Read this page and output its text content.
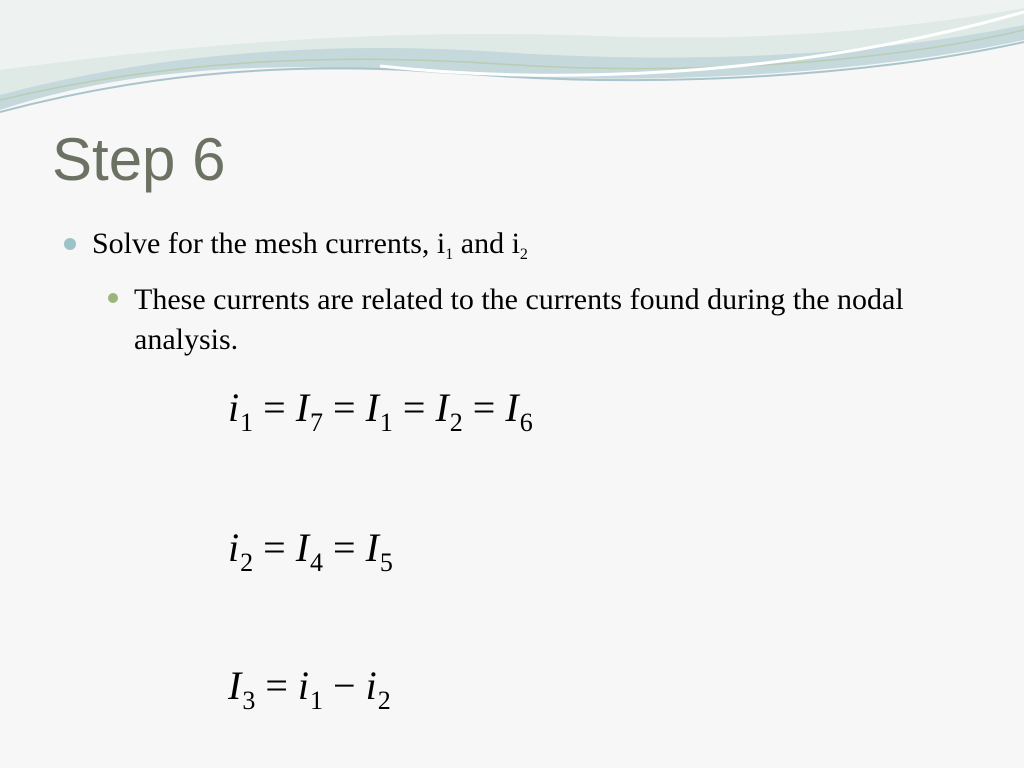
Step 6
Solve for the mesh currents, $i_1$ and $i_2$
These currents are related to the currents found during the nodal analysis.
$i_1 = I_7 = I_1 = I_2 = I_6$
$i_2 = I_4 = I_5$
$I_3 = i_1 - i_2$
